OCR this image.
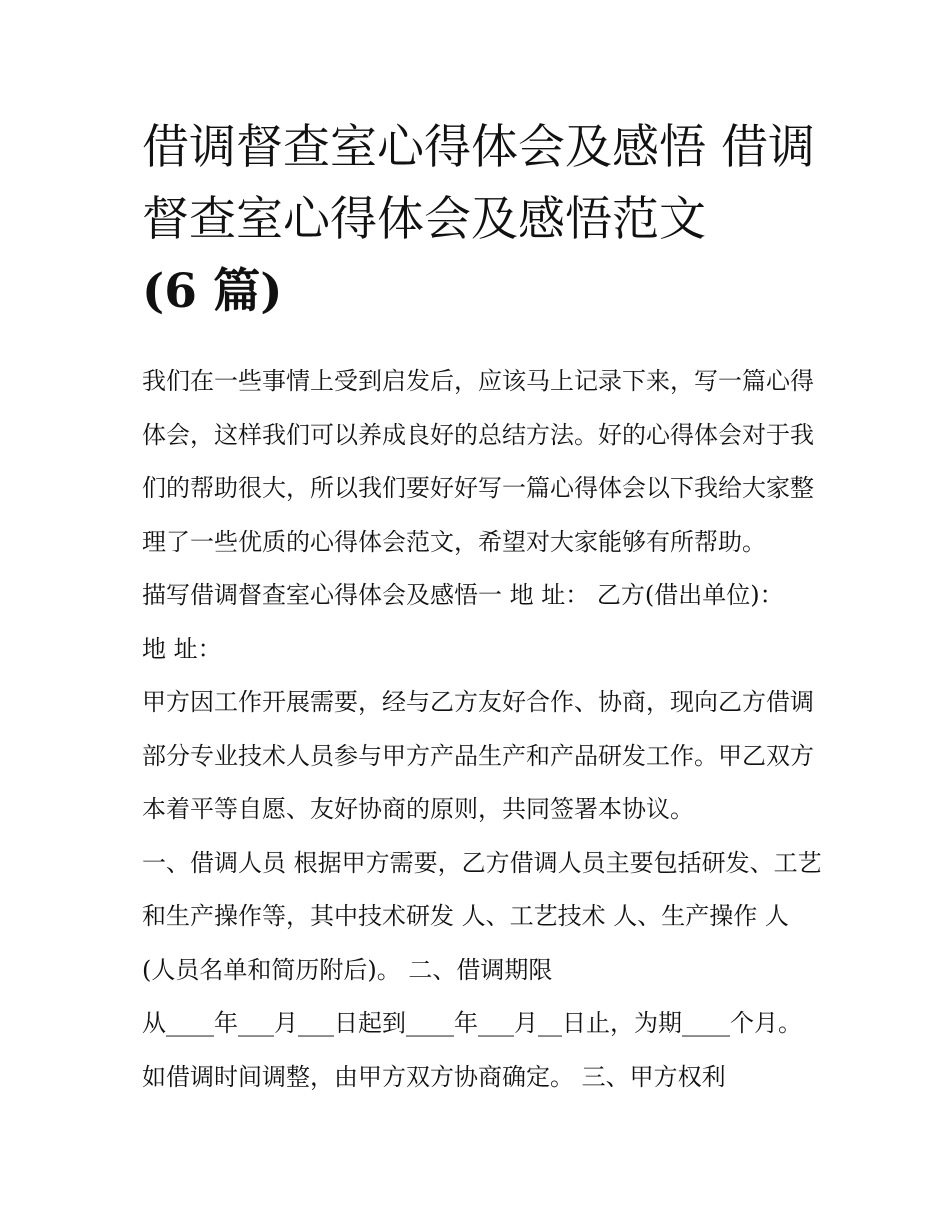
借调督查室心得体会及感悟 借调督查室心得体会及感悟范文
(6 篇)

我们在一些事情上受到启发后，应该马上记录下来，写一篇心得体会，这样我们可以养成良好的总结方法。好的心得体会对于我们的帮助很大，所以我们要好好写一篇心得体会以下我给大家整理了一些优质的心得体会范文，希望对大家能够有所帮助。

描写借调督查室心得体会及感悟一 地 址： 乙方(借出单位)：

地 址：

甲方因工作开展需要，经与乙方友好合作、协商，现向乙方借调部分专业技术人员参与甲方产品生产和产品研发工作。甲乙双方本着平等自愿、友好协商的原则，共同签署本协议。

一、借调人员 根据甲方需要，乙方借调人员主要包括研发、工艺和生产操作等，其中技术研发 人、工艺技术 人、生产操作 人(人员名单和简历附后)。 二、借调期限

从____年___月___日起到____年___月__日止，为期____个月。如借调时间调整，由甲方双方协商确定。 三、甲方权利
